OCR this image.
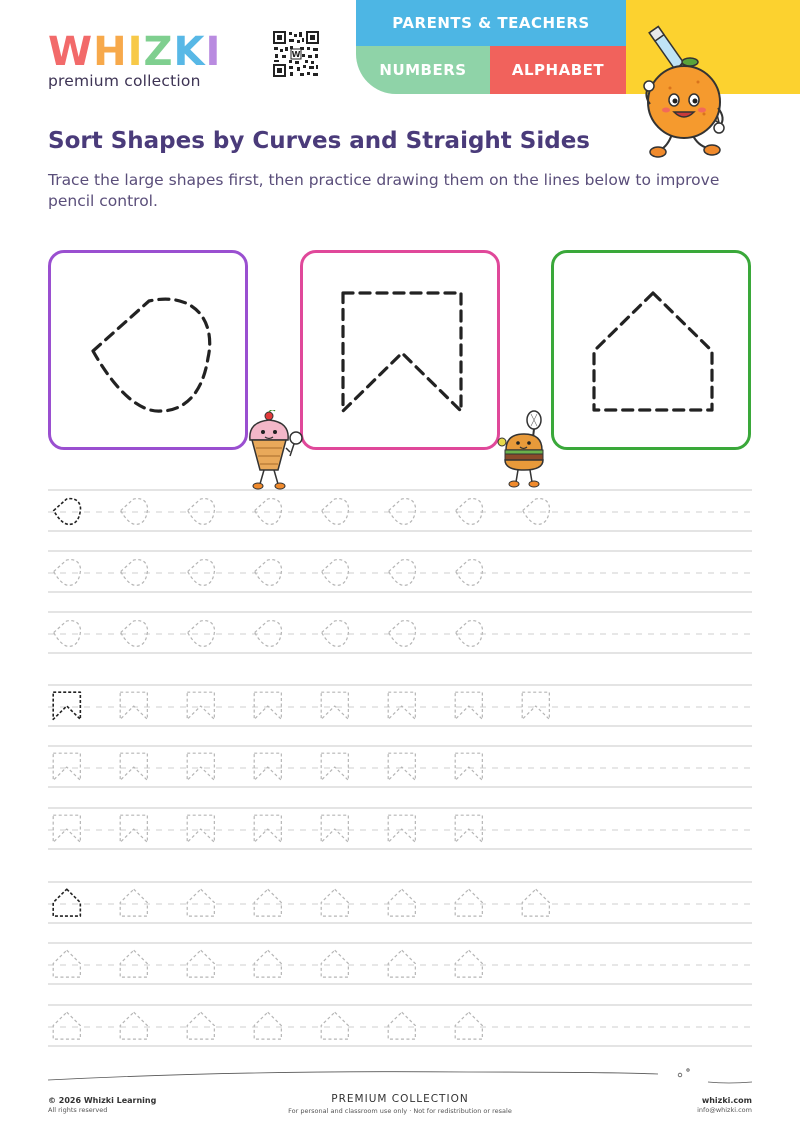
W H I Z K I
premium collection
W
PARENTS & TEACHERS
NUMBERS	ALPHABET
Sort Shapes by Curves and Straight Sides
Trace the large shapes first, then practice drawing them on the lines below to improve pencil control.
© 2026 Whizki Learning
All rights reserved
PREMIUM COLLECTION
For personal and classroom use only · Not for redistribution or resale
whizki.com
info@whizki.com
